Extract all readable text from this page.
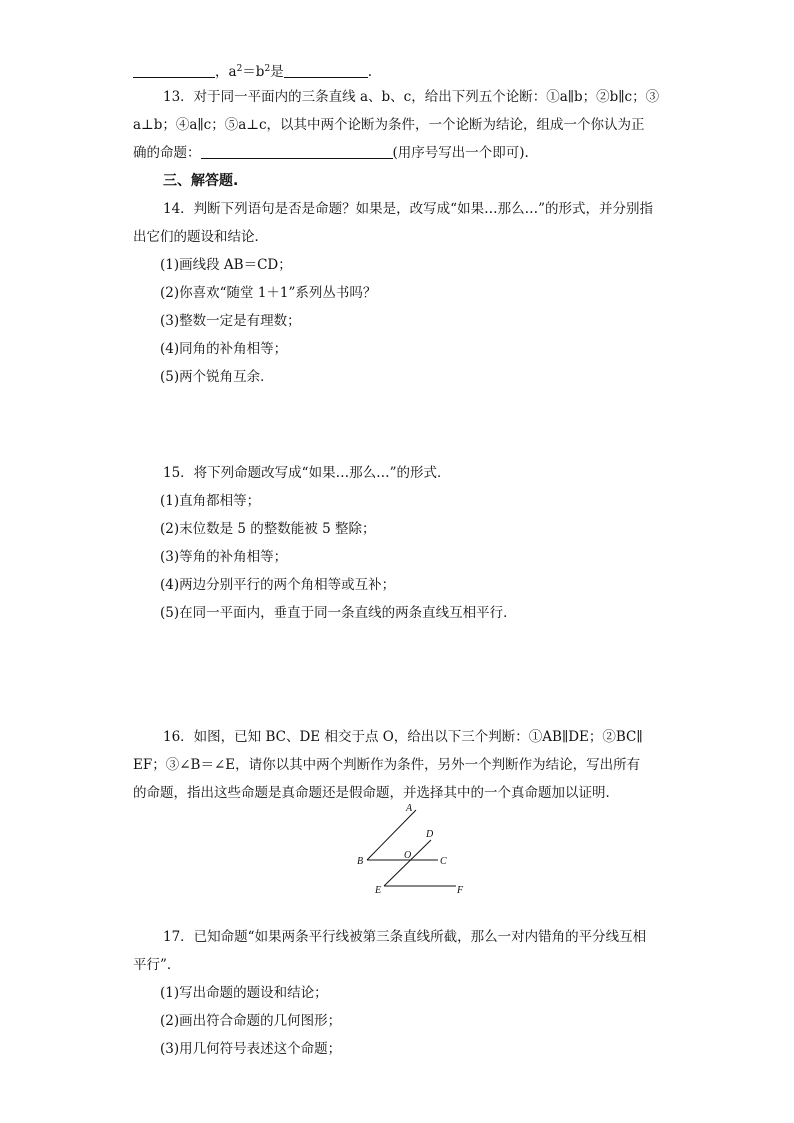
，$a^2=b^2$是	.
13．对于同一平面内的三条直线 a、b、c，给出下列五个论断：①a∥b；②b∥c；③
a⊥b；④a∥c；⑤a⊥c，以其中两个论断为条件，一个论断为结论，组成一个你认为正
确的命题：	(用序号写出一个即可).
三、解答题.
14．判断下列语句是否是命题？如果是，改写成“如果…那么…”的形式，并分别指
出它们的题设和结论．
(1)画线段 AB＝CD；
(2)你喜欢“随堂 1＋1”系列丛书吗？
(3)整数一定是有理数；
(4)同角的补角相等；
(5)两个锐角互余．
15．将下列命题改写成“如果…那么…”的形式．
(1)直角都相等；
(2)末位数是 5 的整数能被 5 整除；
(3)等角的补角相等；
(4)两边分别平行的两个角相等或互补；
(5)在同一平面内，垂直于同一条直线的两条直线互相平行．
16．如图，已知 BC、DE 相交于点 O，给出以下三个判断：①AB∥DE；②BC∥
EF；③∠B＝∠E，请你以其中两个判断作为条件，另外一个判断作为结论，写出所有
的命题，指出这些命题是真命题还是假命题，并选择其中的一个真命题加以证明．
A
D
B
O
C
E	F
17．已知命题“如果两条平行线被第三条直线所截，那么一对内错角的平分线互相
平行”．
(1)写出命题的题设和结论；
(2)画出符合命题的几何图形；
(3)用几何符号表述这个命题；
